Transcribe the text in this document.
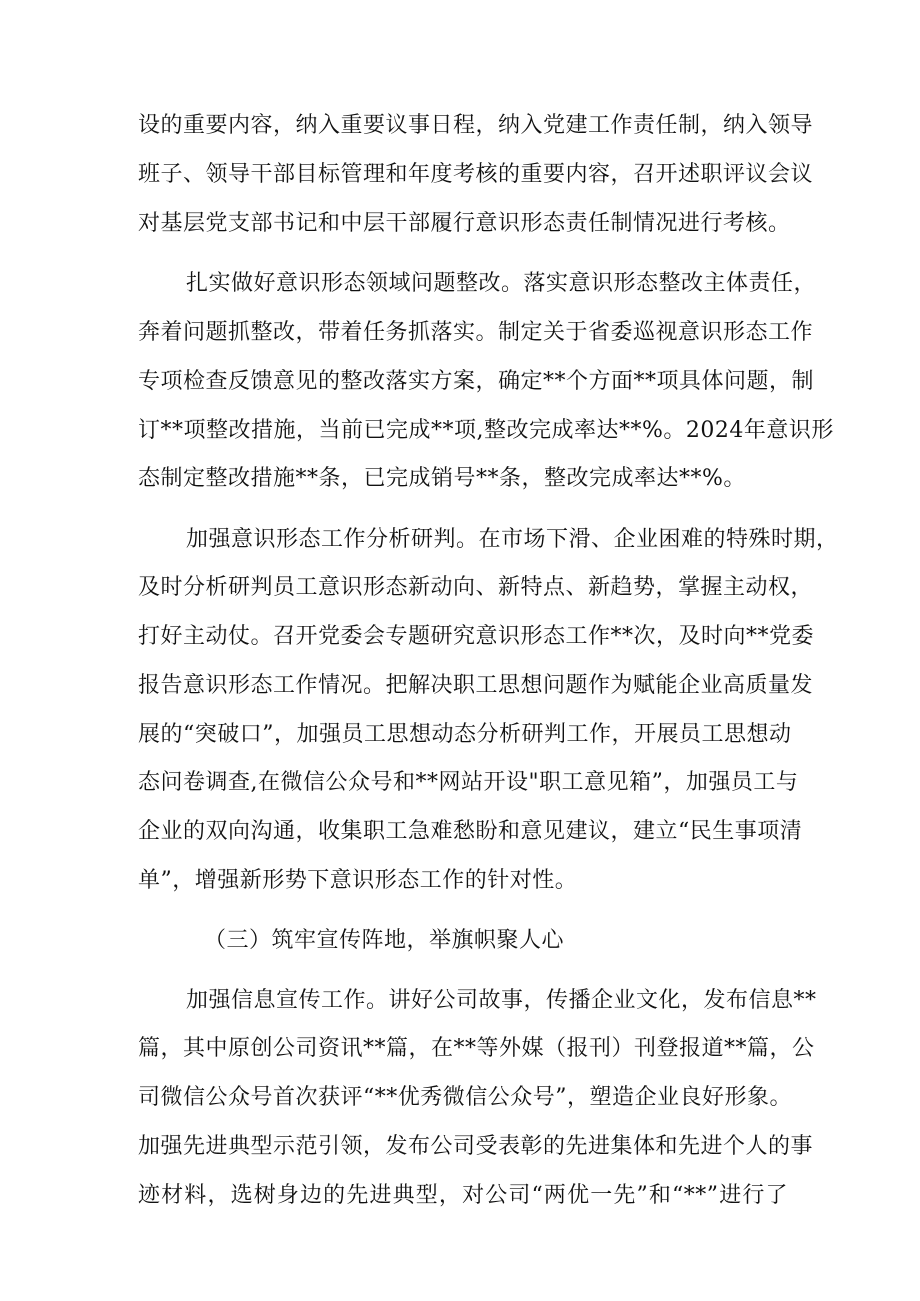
设的重要内容，纳入重要议事日程，纳入党建工作责任制，纳入领导
班子、领导干部目标管理和年度考核的重要内容，召开述职评议会议
对基层党支部书记和中层干部履行意识形态责任制情况进行考核。
扎实做好意识形态领域问题整改。落实意识形态整改主体责任，
奔着问题抓整改，带着任务抓落实。制定关于省委巡视意识形态工作
专项检查反馈意见的整改落实方案，确定**个方面**项具体问题，制
订**项整改措施，当前已完成**项,整改完成率达**%。2024年意识形
态制定整改措施**条，已完成销号**条，整改完成率达**%。
加强意识形态工作分析研判。在市场下滑、企业困难的特殊时期，
及时分析研判员工意识形态新动向、新特点、新趋势，掌握主动权，
打好主动仗。召开党委会专题研究意识形态工作**次，及时向**党委
报告意识形态工作情况。把解决职工思想问题作为赋能企业高质量发
展的“突破口”，加强员工思想动态分析研判工作，开展员工思想动
态问卷调查,在微信公众号和**网站开设"职工意见箱”，加强员工与
企业的双向沟通，收集职工急难愁盼和意见建议，建立“民生事项清
单”，增强新形势下意识形态工作的针对性。
（三）筑牢宣传阵地，举旗帜聚人心
加强信息宣传工作。讲好公司故事，传播企业文化，发布信息**
篇，其中原创公司资讯**篇，在**等外媒（报刊）刊登报道**篇，公
司微信公众号首次获评“**优秀微信公众号”，塑造企业良好形象。
加强先进典型示范引领，发布公司受表彰的先进集体和先进个人的事
迹材料，选树身边的先进典型，对公司“两优一先”和“**”进行了
